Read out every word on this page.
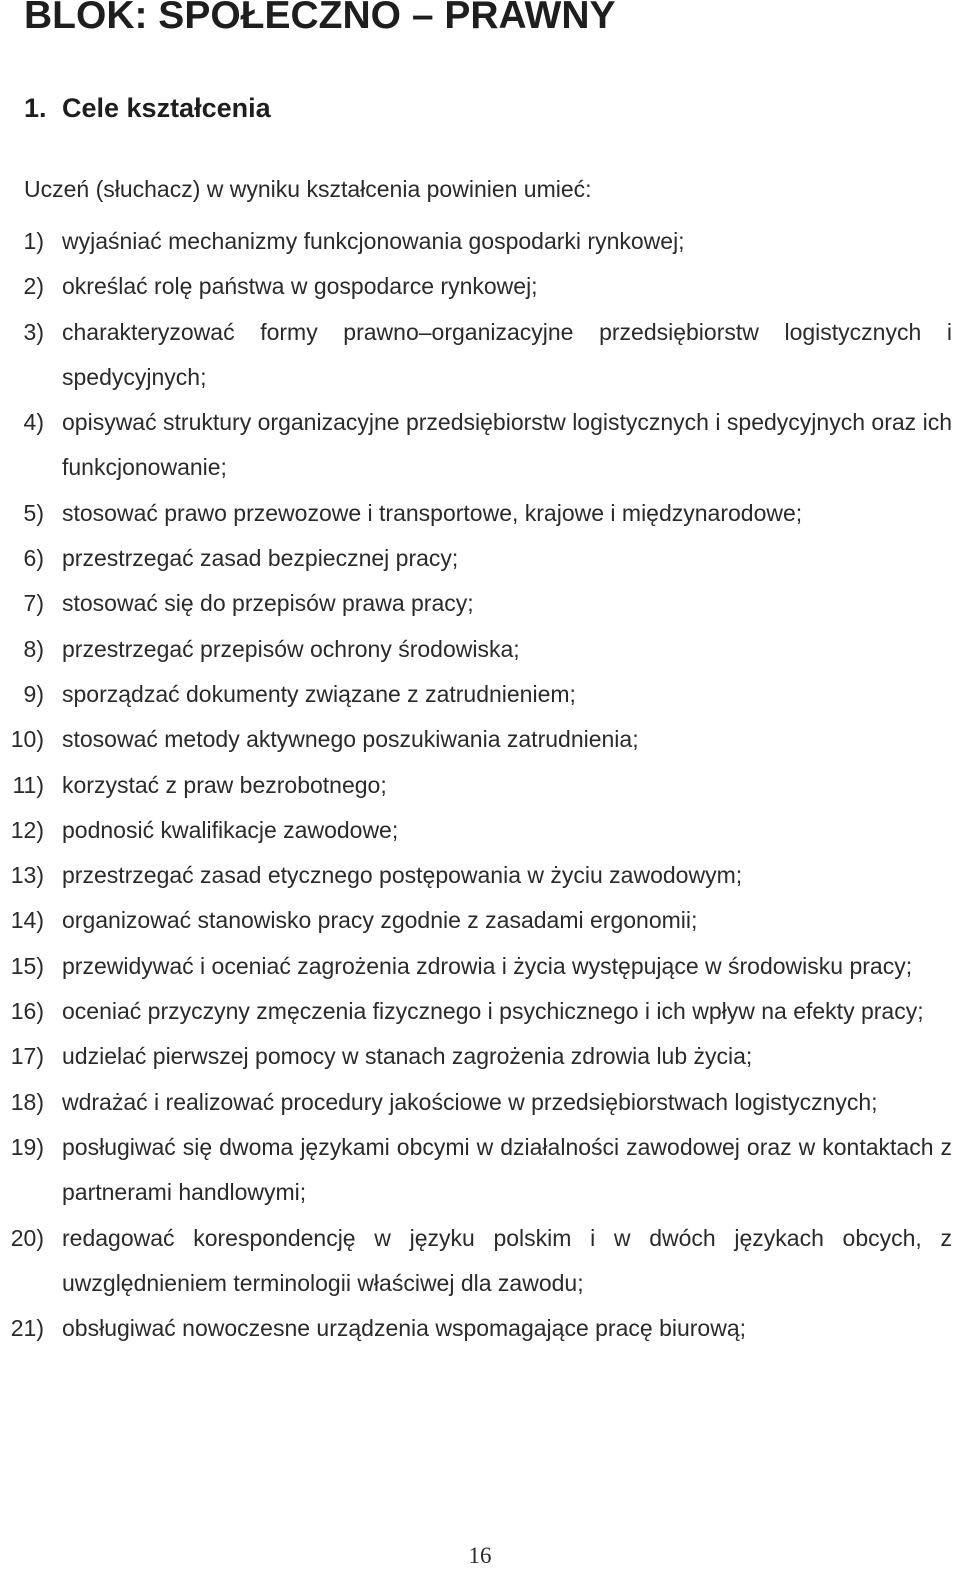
BLOK: SPOŁECZNO – PRAWNY
1. Cele kształcenia

Uczeń (słuchacz) w wyniku kształcenia powinien umieć:

1) wyjaśniać mechanizmy funkcjonowania gospodarki rynkowej;
2) określać rolę państwa w gospodarce rynkowej;
3) charakteryzować formy prawno–organizacyjne przedsiębiorstw logistycznych i spedycyjnych;
4) opisywać struktury organizacyjne przedsiębiorstw logistycznych i spedycyjnych oraz ich funkcjonowanie;
5) stosować prawo przewozowe i transportowe, krajowe i międzynarodowe;
6) przestrzegać zasad bezpiecznej pracy;
7) stosować się do przepisów prawa pracy;
8) przestrzegać przepisów ochrony środowiska;
9) sporządzać dokumenty związane z zatrudnieniem;
10) stosować metody aktywnego poszukiwania zatrudnienia;
11) korzystać z praw bezrobotnego;
12) podnosić kwalifikacje zawodowe;
13) przestrzegać zasad etycznego postępowania w życiu zawodowym;
14) organizować stanowisko pracy zgodnie z zasadami ergonomii;
15) przewidywać i oceniać zagrożenia zdrowia i życia występujące w środowisku pracy;
16) oceniać przyczyny zmęczenia fizycznego i psychicznego i ich wpływ na efekty pracy;
17) udzielać pierwszej pomocy w stanach zagrożenia zdrowia lub życia;
18) wdrażać i realizować procedury jakościowe w przedsiębiorstwach logistycznych;
19) posługiwać się dwoma językami obcymi w działalności zawodowej oraz w kontaktach z partnerami handlowymi;
20) redagować korespondencję w języku polskim i w dwóch językach obcych, z uwzględnieniem terminologii właściwej dla zawodu;
21) obsługiwać nowoczesne urządzenia wspomagające pracę biurową;
16
